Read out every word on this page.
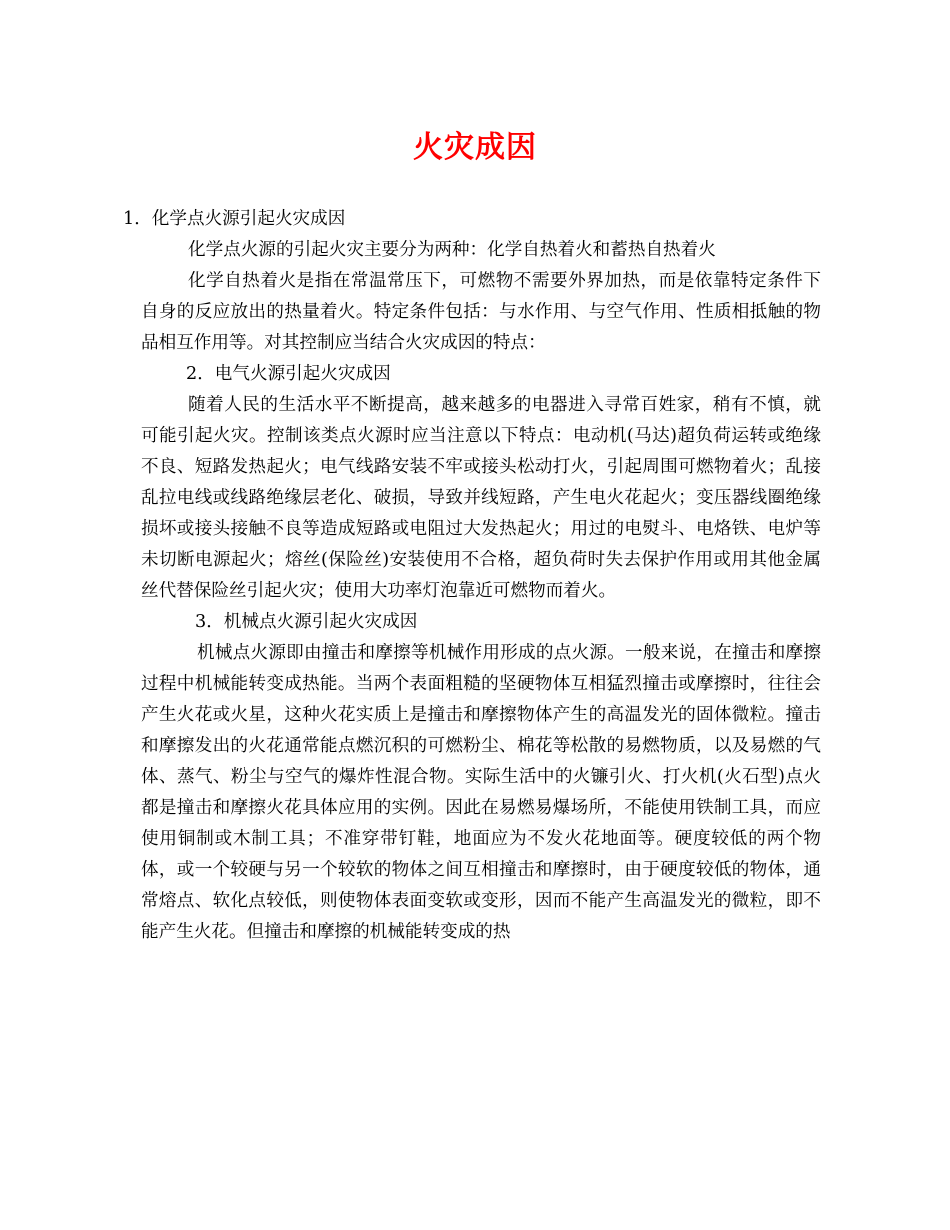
火灾成因

1．化学点火源引起火灾成因

化学点火源的引起火灾主要分为两种：化学自热着火和蓄热自热着火

化学自热着火是指在常温常压下，可燃物不需要外界加热，而是依靠特定条件下自身的反应放出的热量着火。特定条件包括：与水作用、与空气作用、性质相抵触的物品相互作用等。对其控制应当结合火灾成因的特点：

2．电气火源引起火灾成因

随着人民的生活水平不断提高，越来越多的电器进入寻常百姓家，稍有不慎，就可能引起火灾。控制该类点火源时应当注意以下特点：电动机(马达)超负荷运转或绝缘不良、短路发热起火；电气线路安装不牢或接头松动打火，引起周围可燃物着火；乱接乱拉电线或线路绝缘层老化、破损，导致并线短路，产生电火花起火；变压器线圈绝缘损坏或接头接触不良等造成短路或电阻过大发热起火；用过的电熨斗、电烙铁、电炉等未切断电源起火；熔丝(保险丝)安装使用不合格，超负荷时失去保护作用或用其他金属丝代替保险丝引起火灾；使用大功率灯泡靠近可燃物而着火。

3．机械点火源引起火灾成因

机械点火源即由撞击和摩擦等机械作用形成的点火源。一般来说，在撞击和摩擦过程中机械能转变成热能。当两个表面粗糙的坚硬物体互相猛烈撞击或摩擦时，往往会产生火花或火星，这种火花实质上是撞击和摩擦物体产生的高温发光的固体微粒。撞击和摩擦发出的火花通常能点燃沉积的可燃粉尘、棉花等松散的易燃物质，以及易燃的气体、蒸气、粉尘与空气的爆炸性混合物。实际生活中的火镰引火、打火机(火石型)点火都是撞击和摩擦火花具体应用的实例。因此在易燃易爆场所，不能使用铁制工具，而应使用铜制或木制工具；不准穿带钉鞋，地面应为不发火花地面等。硬度较低的两个物体，或一个较硬与另一个较软的物体之间互相撞击和摩擦时，由于硬度较低的物体，通常熔点、软化点较低，则使物体表面变软或变形，因而不能产生高温发光的微粒，即不能产生火花。但撞击和摩擦的机械能转变成的热
